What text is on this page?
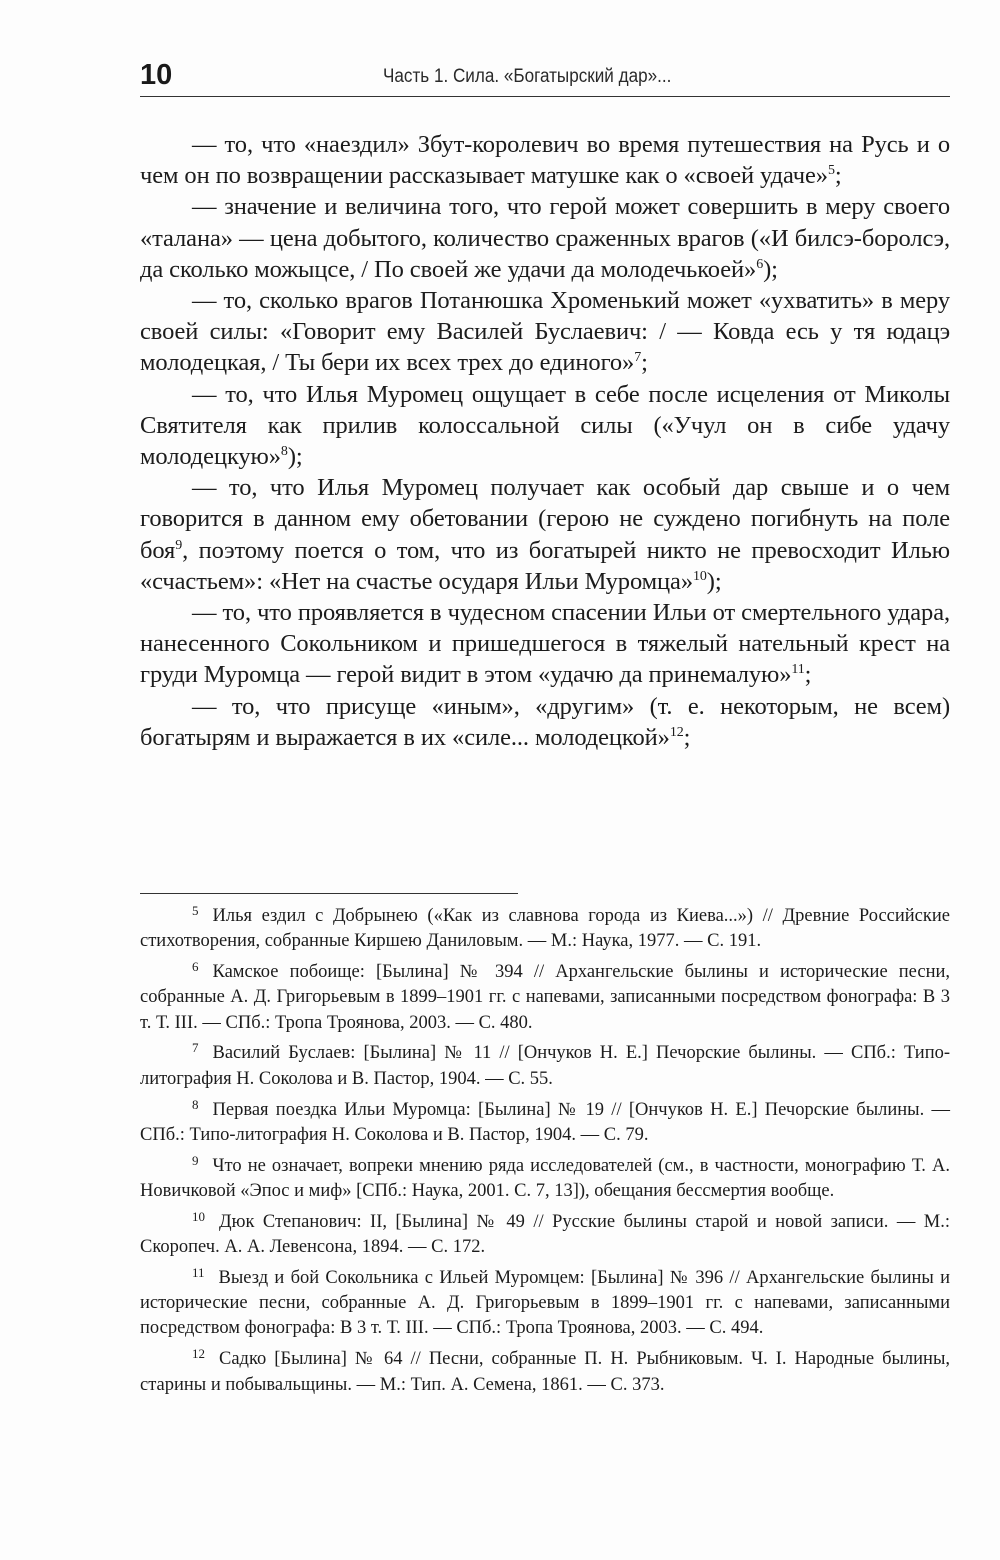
10	Часть 1. Сила. «Богатырский дар»...

— то, что «наездил» Збут-королевич во время путешествия на Русь и о чем он по возвращении рассказывает матушке как о «своей удаче»$^5$;

— значение и величина того, что герой может совершить в меру своего «талана» — цена добытого, количество сраженных врагов («И билсэ-боролсэ, да сколько можыцсе, / По своей же удачи да молодечькоей»$^6$);

— то, сколько врагов Потанюшка Хроменький может «ухватить» в меру своей силы: «Говорит ему Василей Буслаевич: / — Ковда есь у тя юдацэ молодецкая, / Ты бери их всех трех до единого»$^7$;

— то, что Илья Муромец ощущает в себе после исцеления от Миколы Святителя как прилив колоссальной силы («Учул он в сибе удачу молодецкую»$^8$);

— то, что Илья Муромец получает как особый дар свыше и о чем говорится в данном ему обетовании (герою не суждено погибнуть на поле боя$^9$, поэтому поется о том, что из богатырей никто не превосходит Илью «счастьем»: «Нет на счастье осударя Ильи Муромца»$^{10}$);

— то, что проявляется в чудесном спасении Ильи от смертельного удара, нанесенного Сокольником и пришедшегося в тяжелый нательный крест на груди Муромца — герой видит в этом «удачю да принемалую»$^{11}$;

— то, что присуще «иным», «другим» (т. е. некоторым, не всем) богатырям и выражается в их «силе... молодецкой»$^{12}$;

$^5$ Илья ездил с Добрынею («Как из славнова города из Киева...») // Древние Российские стихотворения, собранные Киршею Даниловым. — М.: Наука, 1977. — С. 191.

$^6$ Камское побоище: [Былина] № 394 // Архангельские былины и исторические песни, собранные А. Д. Григорьевым в 1899–1901 гг. с напевами, записанными посредством фонографа: В 3 т. Т. III. — СПб.: Тропа Троянова, 2003. — С. 480.

$^7$ Василий Буслаев: [Былина] № 11 // [Ончуков Н. Е.] Печорские былины. — СПб.: Типо-литография Н. Соколова и В. Пастор, 1904. — С. 55.

$^8$ Первая поездка Ильи Муромца: [Былина] № 19 // [Ончуков Н. Е.] Печорские былины. — СПб.: Типо-литография Н. Соколова и В. Пастор, 1904. — С. 79.

$^9$ Что не означает, вопреки мнению ряда исследователей (см., в частности, монографию Т. А. Новичковой «Эпос и миф» [СПб.: Наука, 2001. С. 7, 13]), обещания бессмертия вообще.

$^{10}$ Дюк Степанович: II, [Былина] № 49 // Русские былины старой и новой записи. — М.: Скоропеч. А. А. Левенсона, 1894. — С. 172.

$^{11}$ Выезд и бой Сокольника с Ильей Муромцем: [Былина] № 396 // Архангельские былины и исторические песни, собранные А. Д. Григорьевым в 1899–1901 гг. с напевами, записанными посредством фонографа: В 3 т. Т. III. — СПб.: Тропа Троянова, 2003. — С. 494.

$^{12}$ Садко [Былина] № 64 // Песни, собранные П. Н. Рыбниковым. Ч. I. Народные былины, старины и побывальщины. — М.: Тип. А. Семена, 1861. — С. 373.
